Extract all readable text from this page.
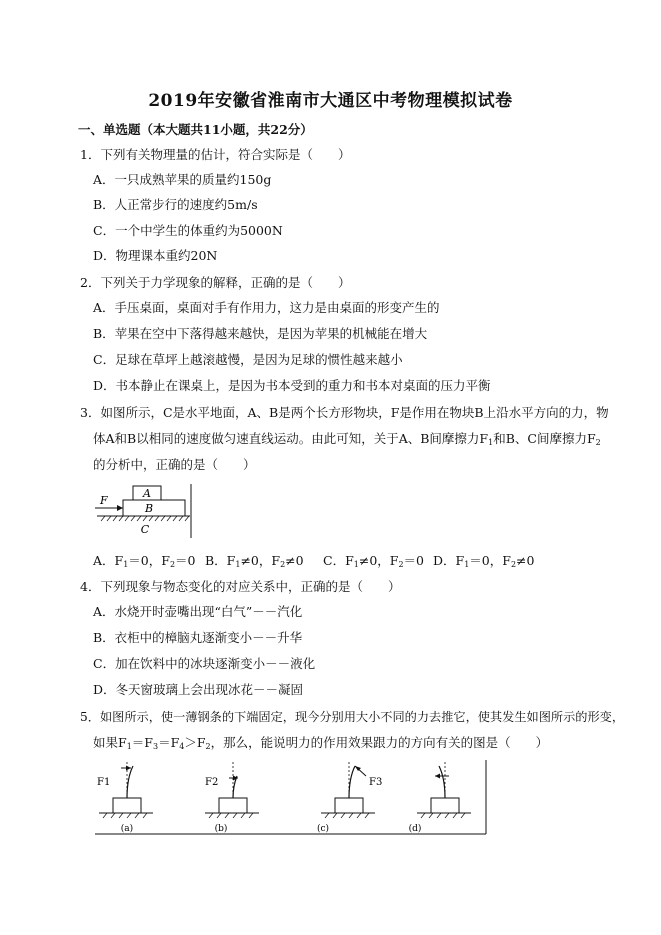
2019年安徽省淮南市大通区中考物理模拟试卷
一、单选题（本大题共11小题，共22分）
1．下列有关物理量的估计，符合实际是（　　）
A．一只成熟苹果的质量约150g
B．人正常步行的速度约5m/s
C．一个中学生的体重约为5000N
D．物理课本重约20N
2．下列关于力学现象的解释，正确的是（　　）
A．手压桌面，桌面对手有作用力，这力是由桌面的形变产生的
B．苹果在空中下落得越来越快，是因为苹果的机械能在增大
C．足球在草坪上越滚越慢，是因为足球的惯性越来越小
D．书本静止在课桌上，是因为书本受到的重力和书本对桌面的压力平衡
3．如图所示，C是水平地面，A、B是两个长方形物块，F是作用在物块B上沿水平方向的力，物
体A和B以相同的速度做匀速直线运动。由此可知，关于A、B间摩擦力$F_1$和B、C间摩擦力$F_2$
的分析中，正确的是（　　）
A
B
F
C
A．$F_1=0$，$F_2=0$ B．$F_1\ne 0$，$F_2\ne 0$ C．$F_1\ne 0$，$F_2=0$ D．$F_1=0$，$F_2\ne 0$
4．下列现象与物态变化的对应关系中，正确的是（　　）
A．水烧开时壶嘴出现“白气”－－汽化
B．衣柜中的樟脑丸逐渐变小－－升华
C．加在饮料中的冰块逐渐变小－－液化
D．冬天窗玻璃上会出现冰花－－凝固
5．如图所示，使一薄钢条的下端固定，现今分别用大小不同的力去推它，使其发生如图所示的形变，
如果$F_1=F_3=F_4>F_2$，那么，能说明力的作用效果跟力的方向有关的图是（　　）
F1
(a)
F2
(b)
F3
(c)	(d)
